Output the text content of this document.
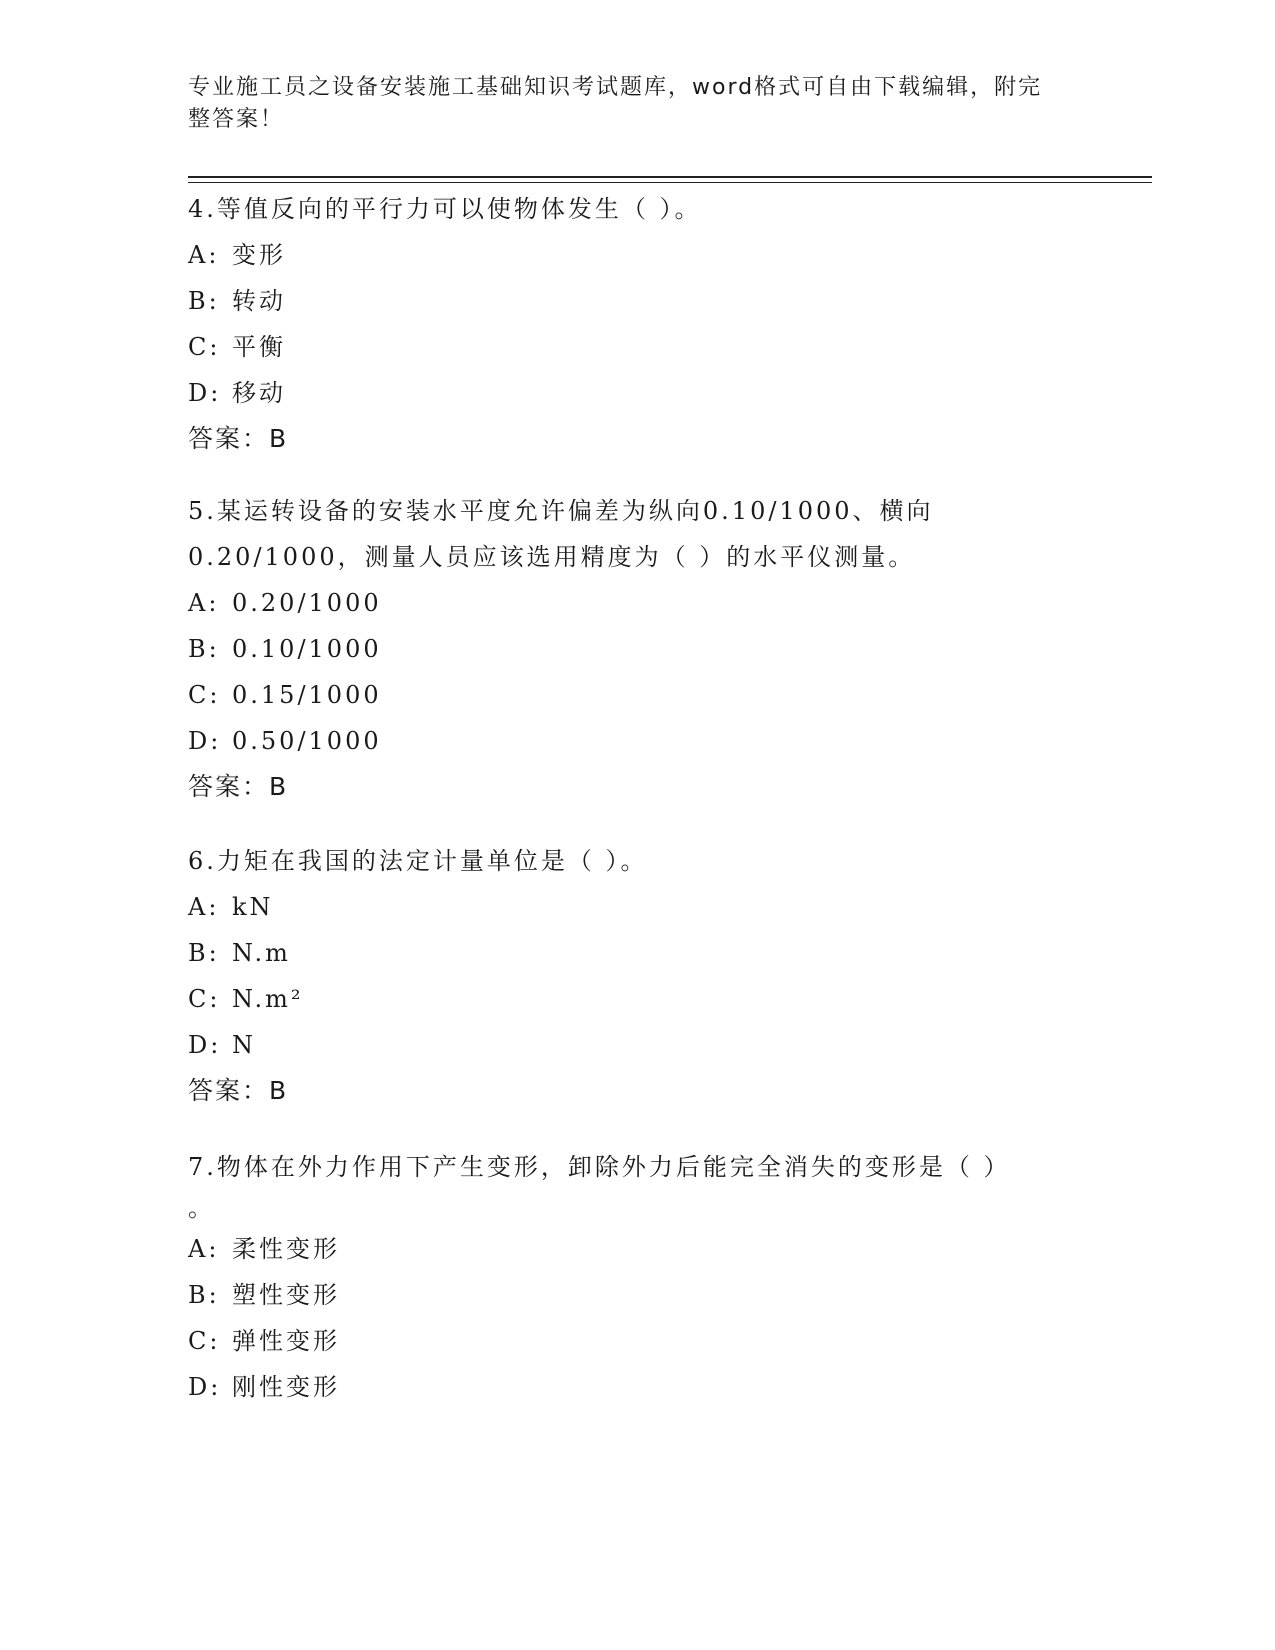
专业施工员之设备安装施工基础知识考试题库，word格式可自由下载编辑，附完
整答案！

4.等值反向的平行力可以使物体发生（ ）。

A: 变形

B: 转动

C: 平衡

D: 移动

答案：B

5.某运转设备的安装水平度允许偏差为纵向0.10/1000、横向

0.20/1000，测量人员应该选用精度为（ ）的水平仪测量。

A: 0.20/1000

B: 0.10/1000

C: 0.15/1000

D: 0.50/1000

答案：B

6.力矩在我国的法定计量单位是（ ）。

A: kN

B: N.m

C: N.m²

D: N

答案：B

7.物体在外力作用下产生变形，卸除外力后能完全消失的变形是（ ）

。

A: 柔性变形

B: 塑性变形

C: 弹性变形

D: 刚性变形
